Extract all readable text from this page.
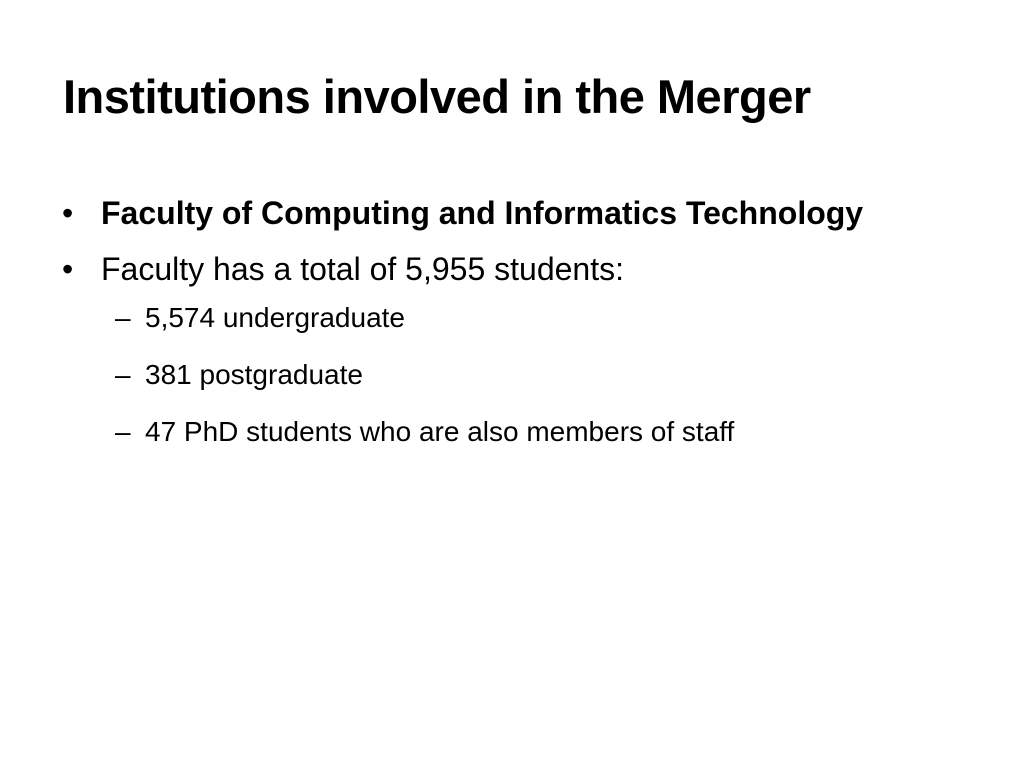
Institutions involved in the Merger
• Faculty of Computing and Informatics Technology
• Faculty has a total of 5,955 students:
– 5,574 undergraduate
– 381 postgraduate
– 47 PhD students who are also members of staff
